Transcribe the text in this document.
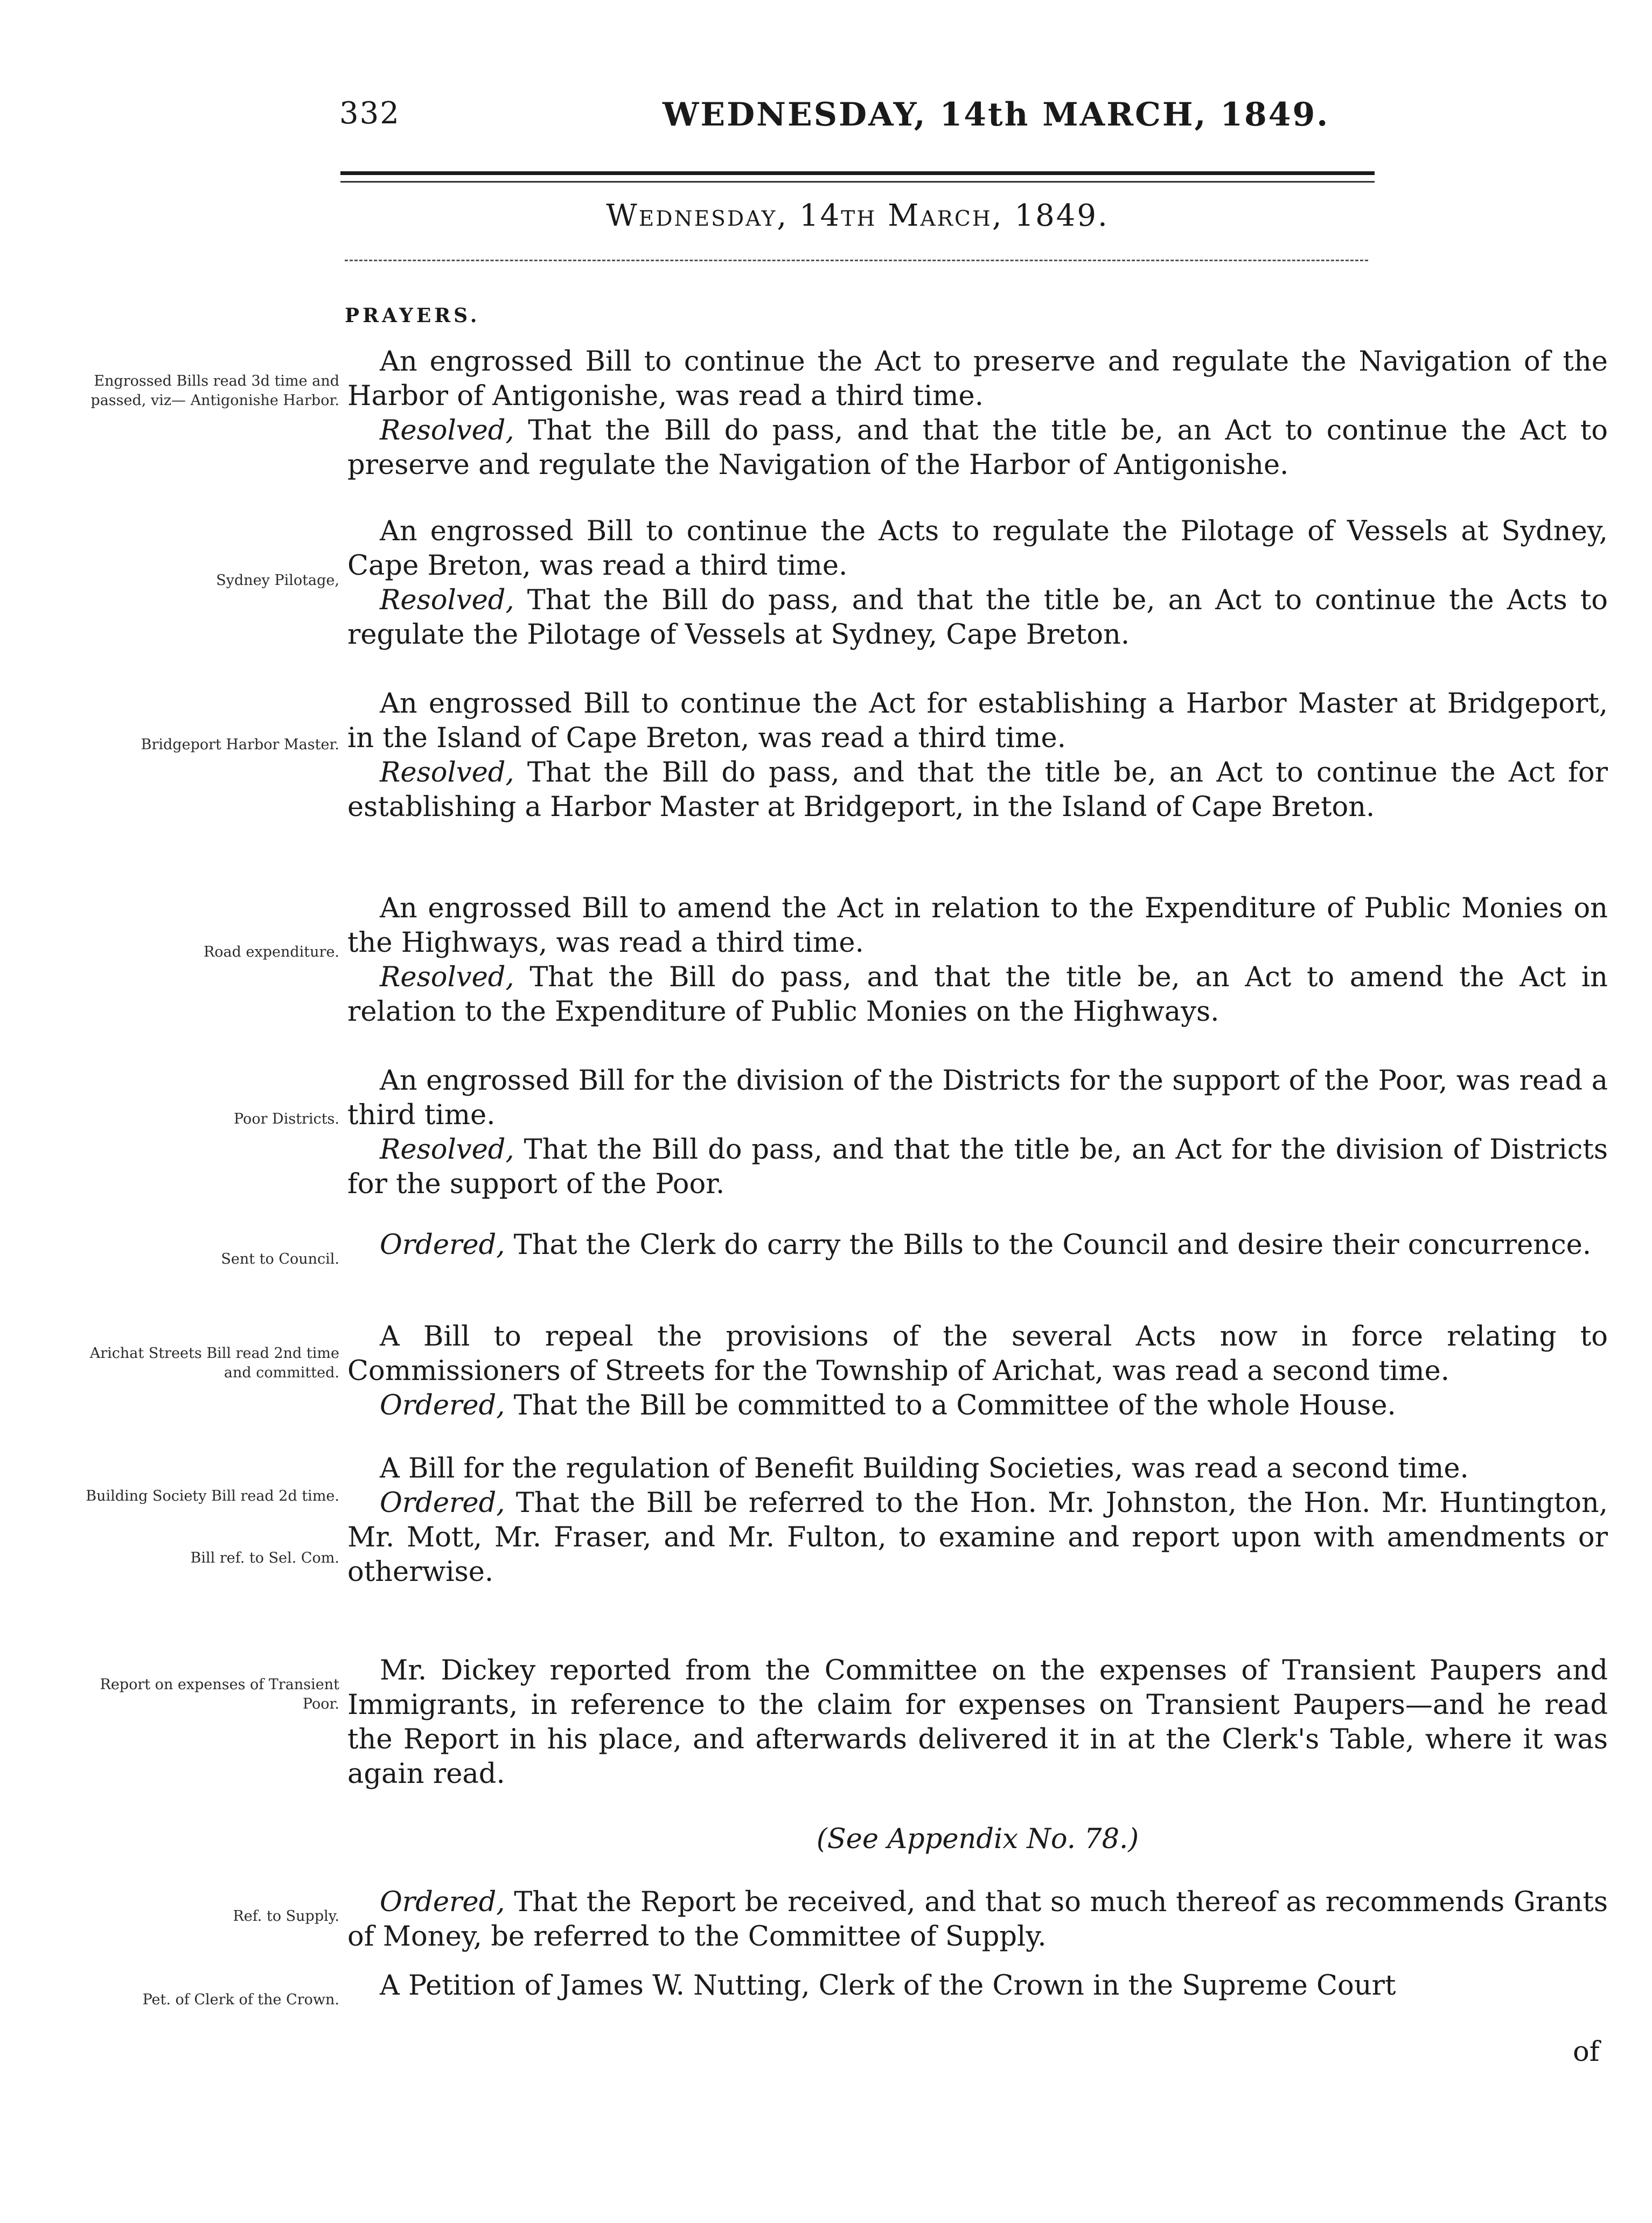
332	WEDNESDAY, 14th MARCH, 1849.
Wednesday, 14th March, 1849.
PRAYERS.
Engrossed Bills read 3d time and passed, viz— Antigonishe Harbor.
Sydney Pilotage,
Bridgeport Harbor Master.
Road expenditure.
Poor Districts.
Sent to Council.
Arichat Streets Bill read 2nd time and committed.
Building Society Bill read 2d time.
Bill ref. to Sel. Com.
Report on expenses of Transient Poor.
Ref. to Supply.
Pet. of Clerk of the Crown.

An engrossed Bill to continue the Act to preserve and regulate the Navigation of the Harbor of Antigonishe, was read a third time.

Resolved, That the Bill do pass, and that the title be, an Act to continue the Act to preserve and regulate the Navigation of the Harbor of Antigonishe.

An engrossed Bill to continue the Acts to regulate the Pilotage of Vessels at Sydney, Cape Breton, was read a third time.

Resolved, That the Bill do pass, and that the title be, an Act to continue the Acts to regulate the Pilotage of Vessels at Sydney, Cape Breton.

An engrossed Bill to continue the Act for establishing a Harbor Master at Bridgeport, in the Island of Cape Breton, was read a third time.

Resolved, That the Bill do pass, and that the title be, an Act to continue the Act for establishing a Harbor Master at Bridgeport, in the Island of Cape Breton.

An engrossed Bill to amend the Act in relation to the Expenditure of Public Monies on the Highways, was read a third time.

Resolved, That the Bill do pass, and that the title be, an Act to amend the Act in relation to the Expenditure of Public Monies on the Highways.

An engrossed Bill for the division of the Districts for the support of the Poor, was read a third time.

Resolved, That the Bill do pass, and that the title be, an Act for the division of Districts for the support of the Poor.

Ordered, That the Clerk do carry the Bills to the Council and desire their concurrence.

A Bill to repeal the provisions of the several Acts now in force relating to Commissioners of Streets for the Township of Arichat, was read a second time.

Ordered, That the Bill be committed to a Committee of the whole House.

A Bill for the regulation of Benefit Building Societies, was read a second time.

Ordered, That the Bill be referred to the Hon. Mr. Johnston, the Hon. Mr. Huntington, Mr. Mott, Mr. Fraser, and Mr. Fulton, to examine and report upon with amendments or otherwise.

Mr. Dickey reported from the Committee on the expenses of Transient Paupers and Immigrants, in reference to the claim for expenses on Transient Paupers—and he read the Report in his place, and afterwards delivered it in at the Clerk's Table, where it was again read.

(See Appendix No. 78.)

Ordered, That the Report be received, and that so much thereof as recommends Grants of Money, be referred to the Committee of Supply.

A Petition of James W. Nutting, Clerk of the Crown in the Supreme Court

of
